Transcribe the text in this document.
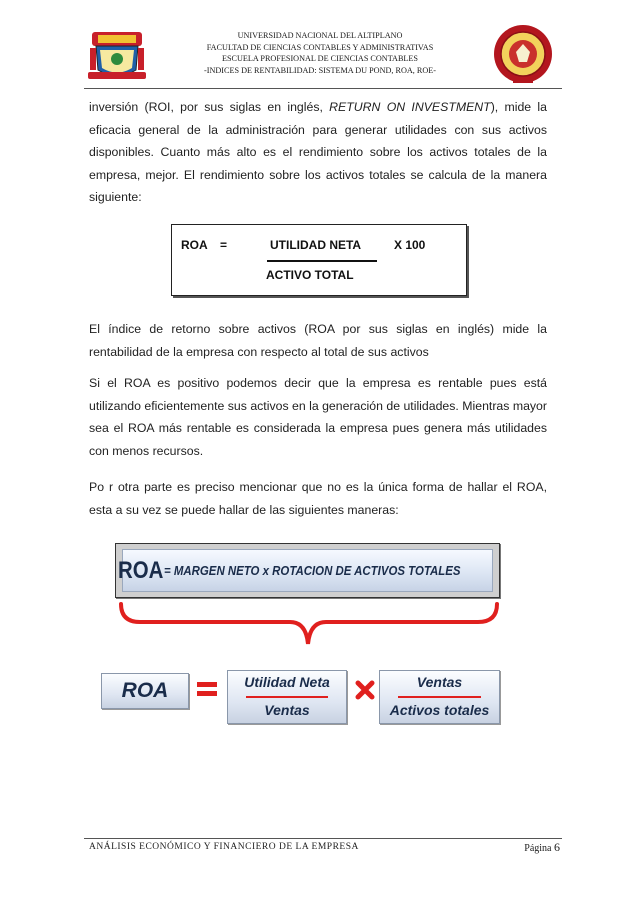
UNIVERSIDAD NACIONAL DEL ALTIPLANO
FACULTAD DE CIENCIAS CONTABLES Y ADMINISTRATIVAS
ESCUELA PROFESIONAL DE CIENCIAS CONTABLES
-INDICES DE RENTABILIDAD: SISTEMA DU POND, ROA, ROE-
inversión (ROI, por sus siglas en inglés, RETURN ON INVESTMENT), mide la eficacia general de la administración para generar utilidades con sus activos disponibles. Cuanto más alto es el rendimiento sobre los activos totales de la empresa, mejor. El rendimiento sobre los activos totales se calcula de la manera siguiente:
ROA =	UTILIDAD NETA	X 100
ACTIVO TOTAL
El índice de retorno sobre activos (ROA por sus siglas en inglés) mide la rentabilidad de la empresa con respecto al total de sus activos
Si el ROA es positivo podemos decir que la empresa es rentable pues está utilizando eficientemente sus activos en la generación de utilidades. Mientras mayor sea el ROA más rentable es considerada la empresa pues genera más utilidades con menos recursos.
Po r otra parte es preciso mencionar que no es la única forma de hallar el ROA, esta a su vez se puede hallar de las siguientes maneras:
ROA = MARGEN NETO x ROTACION DE ACTIVOS TOTALES
ROA	Utilidad Neta
Ventas
Ventas
Activos totales
ANÁLISIS ECONÓMICO Y FINANCIERO DE LA EMPRESA	Página 6
